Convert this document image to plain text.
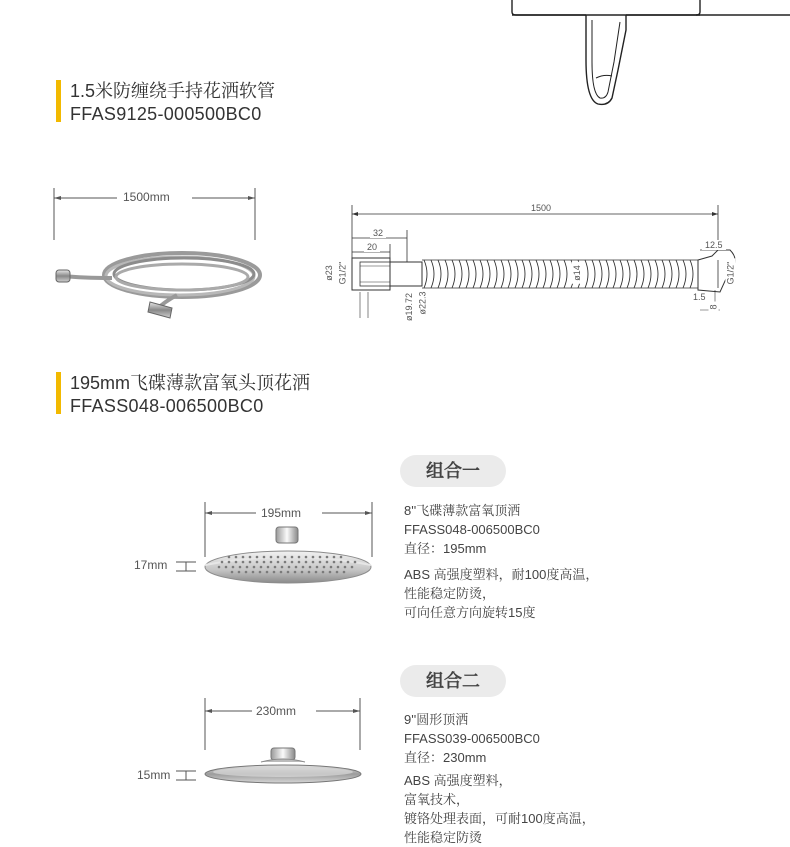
1.5米防缠绕手持花洒软管
FFAS9125-000500BC0
1500mm
1500
32
20	12.5
ø23 G1/2"	ø14
ø19.72 ø22.3
G1/2"
1.5
8
195mm飞碟薄款富氧头顶花洒
FFASS048-006500BC0
组合一
195mm
17mm
8''飞碟薄款富氧顶洒
FFASS048-006500BC0
直径：195mm
ABS 高强度塑料，耐100度高温，
性能稳定防烫，
可向任意方向旋转15度
组合二
230mm
15mm
9''圆形顶洒
FFASS039-006500BC0
直径：230mm
ABS 高强度塑料，
富氧技术，
镀铬处理表面，可耐100度高温，
性能稳定防烫
